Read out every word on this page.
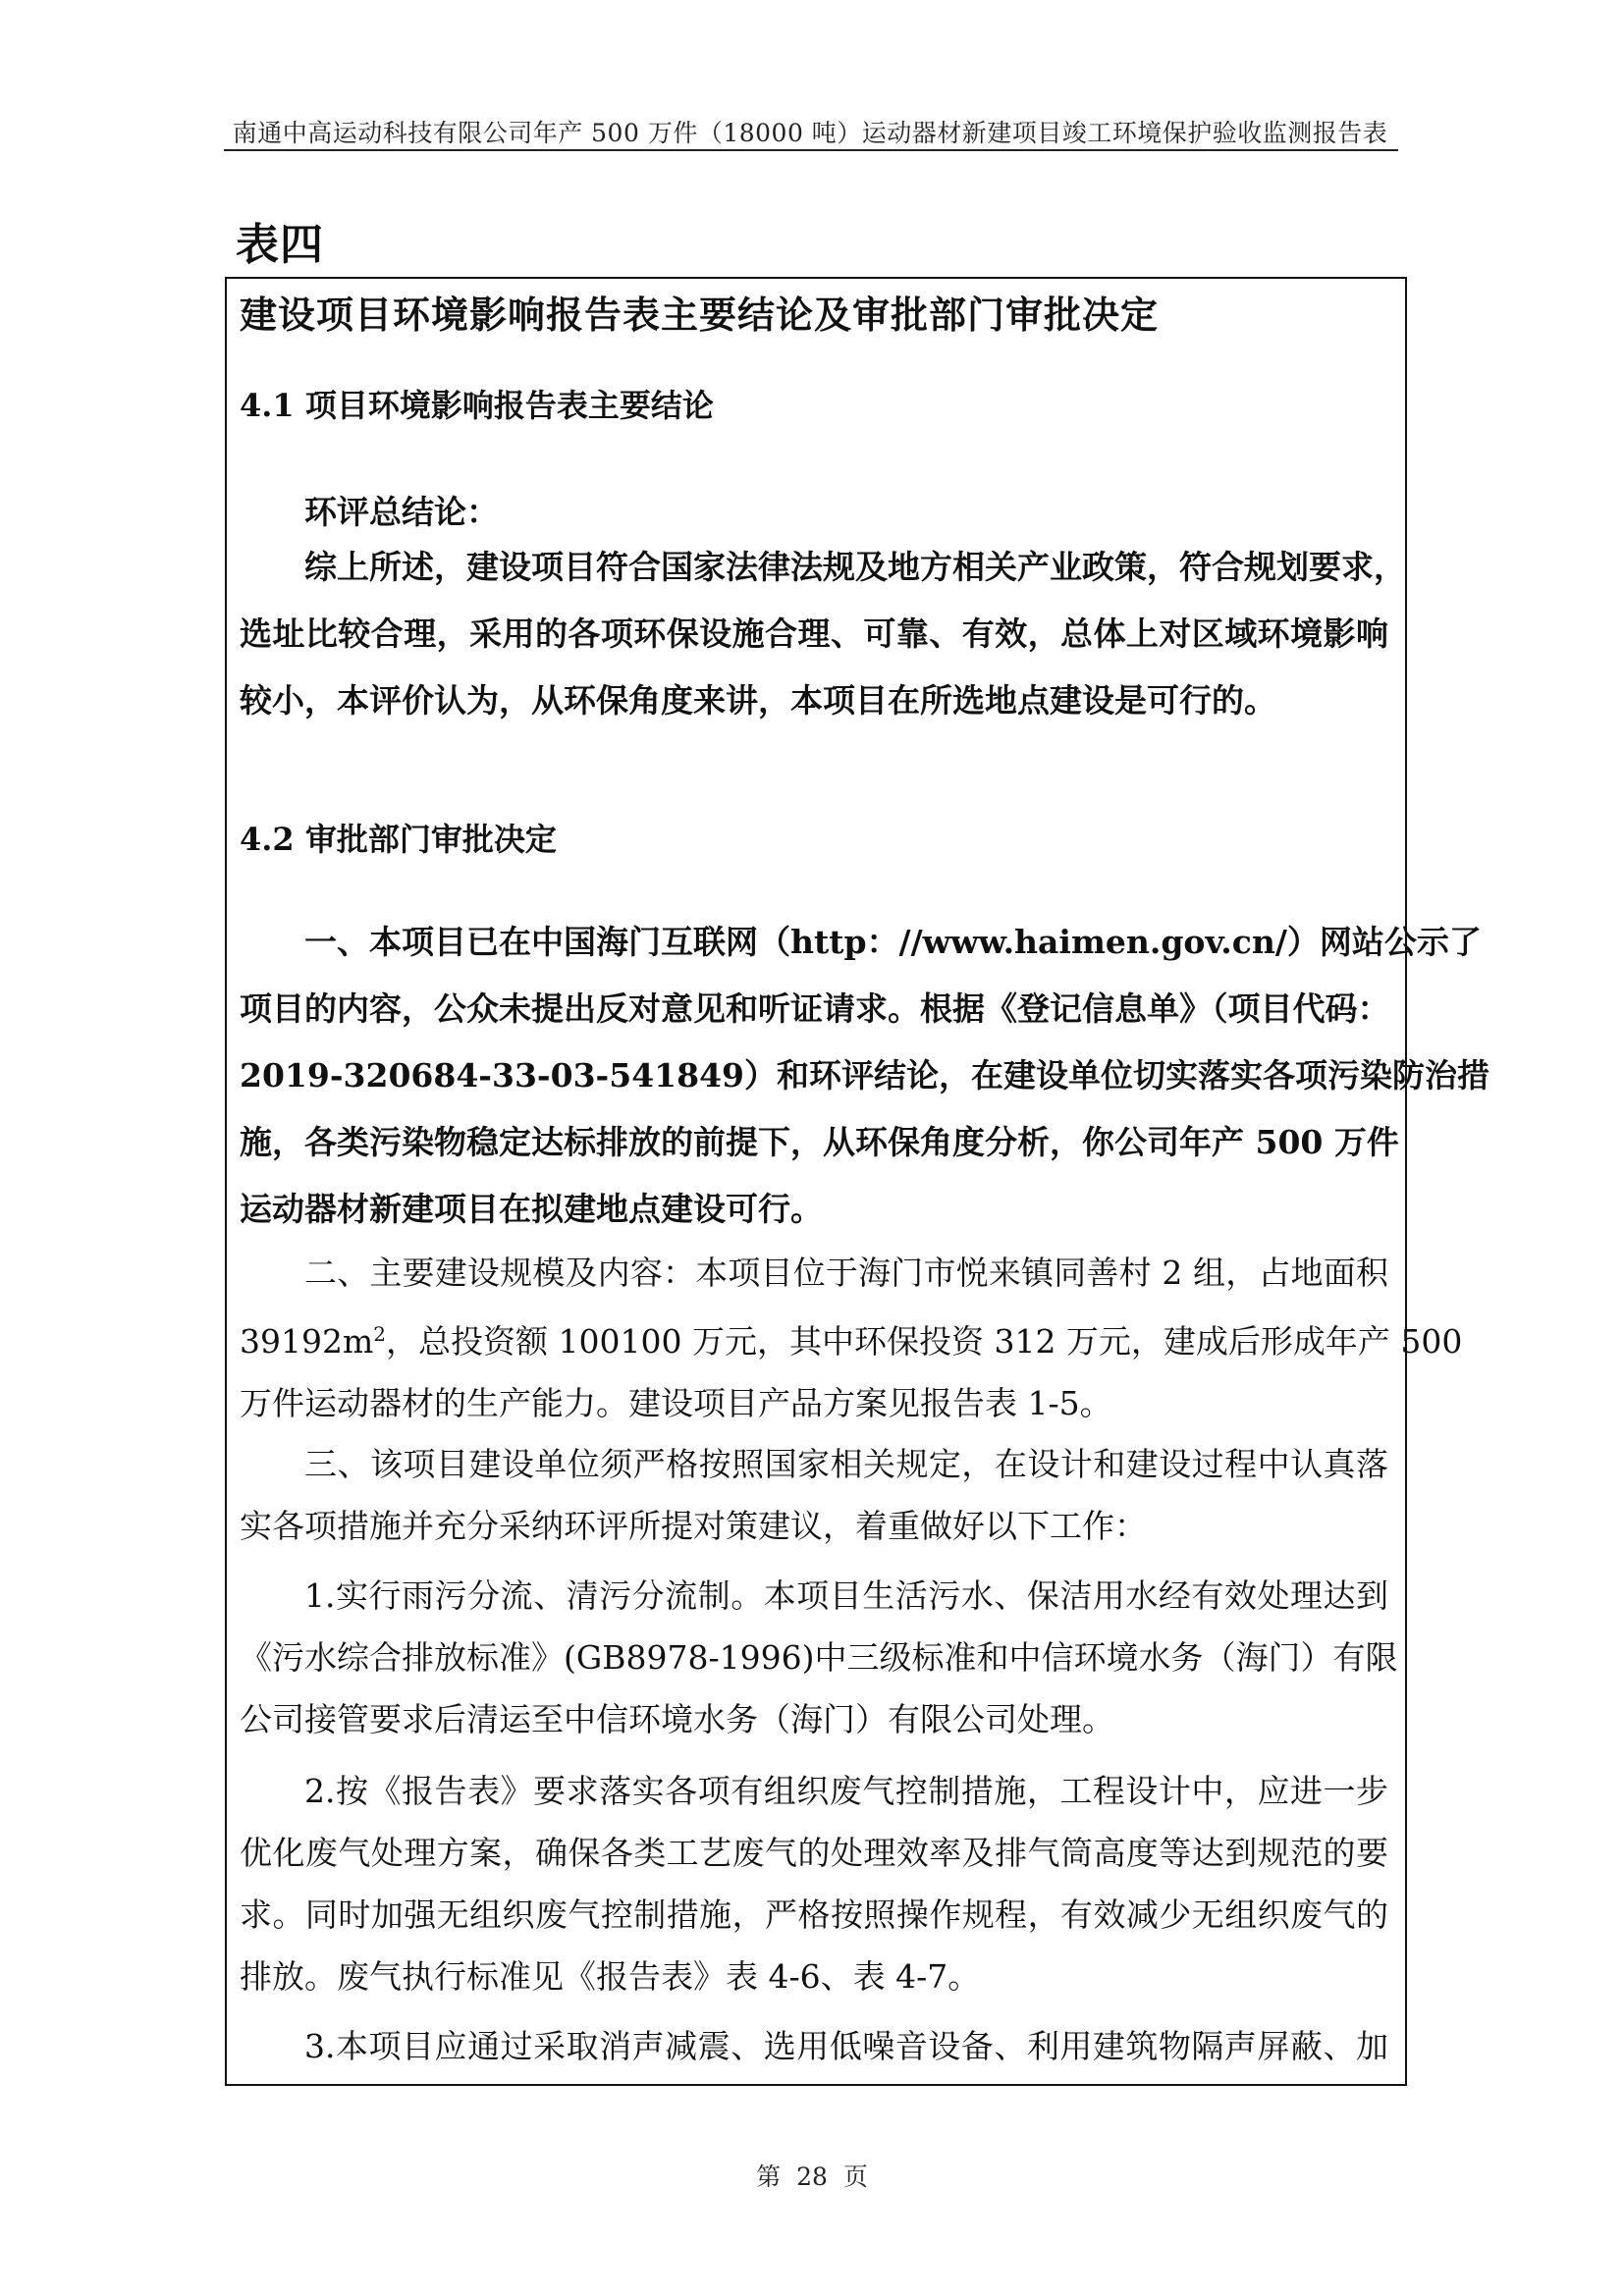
南通中高运动科技有限公司年产 500 万件（18000 吨）运动器材新建项目竣工环境保护验收监测报告表
表四
建设项目环境影响报告表主要结论及审批部门审批决定
4.1 项目环境影响报告表主要结论
环评总结论：
综上所述，建设项目符合国家法律法规及地方相关产业政策，符合规划要求，
选址比较合理，采用的各项环保设施合理、可靠、有效，总体上对区域环境影响
较小，本评价认为，从环保角度来讲，本项目在所选地点建设是可行的。
4.2 审批部门审批决定
一、本项目已在中国海门互联网（http：//www.haimen.gov.cn/）网站公示了
项目的内容，公众未提出反对意见和听证请求。根据《登记信息单》（项目代码：
2019-320684-33-03-541849）和环评结论，在建设单位切实落实各项污染防治措
施，各类污染物稳定达标排放的前提下，从环保角度分析，你公司年产 500 万件
运动器材新建项目在拟建地点建设可行。
二、主要建设规模及内容：本项目位于海门市悦来镇同善村 2 组，占地面积
$39192m^2$，总投资额 100100 万元，其中环保投资 312 万元，建成后形成年产 500
万件运动器材的生产能力。建设项目产品方案见报告表 1-5。
三、该项目建设单位须严格按照国家相关规定，在设计和建设过程中认真落
实各项措施并充分采纳环评所提对策建议，着重做好以下工作：
1.实行雨污分流、清污分流制。本项目生活污水、保洁用水经有效处理达到
《污水综合排放标准》(GB8978-1996)中三级标准和中信环境水务（海门）有限
公司接管要求后清运至中信环境水务（海门）有限公司处理。
2.按《报告表》要求落实各项有组织废气控制措施，工程设计中，应进一步
优化废气处理方案，确保各类工艺废气的处理效率及排气筒高度等达到规范的要
求。同时加强无组织废气控制措施，严格按照操作规程，有效减少无组织废气的
排放。废气执行标准见《报告表》表 4-6、表 4-7。
3.本项目应通过采取消声减震、选用低噪音设备、利用建筑物隔声屏蔽、加
第 28 页
